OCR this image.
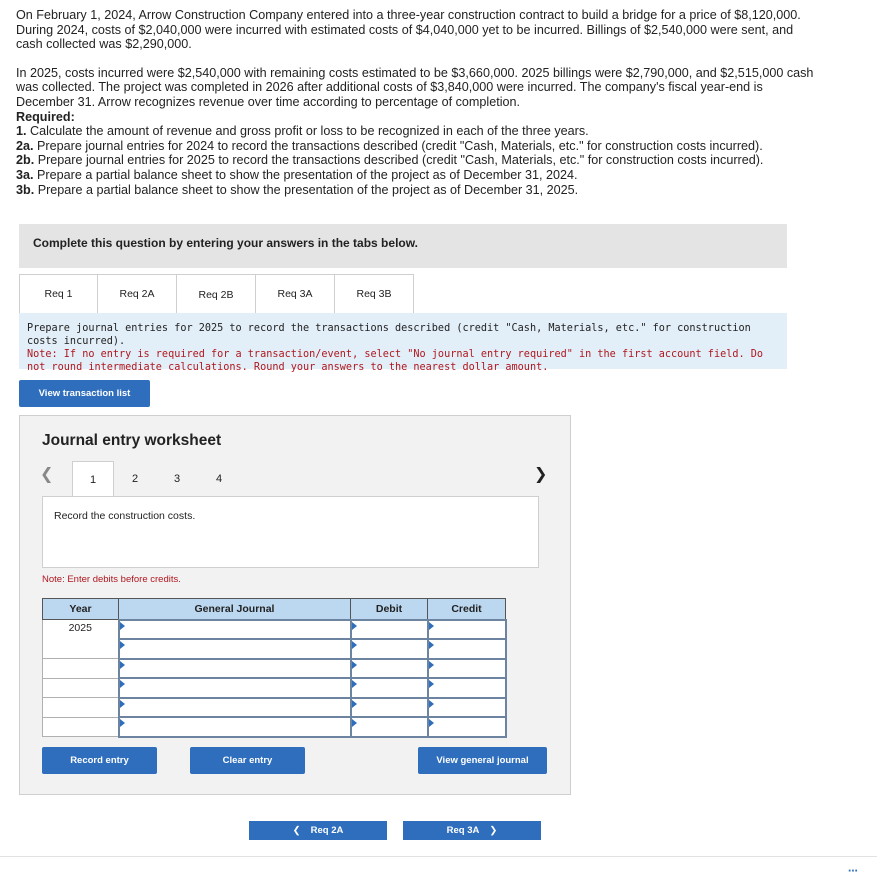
On February 1, 2024, Arrow Construction Company entered into a three-year construction contract to build a bridge for a price of $8,120,000. During 2024, costs of $2,040,000 were incurred with estimated costs of $4,040,000 yet to be incurred. Billings of $2,540,000 were sent, and cash collected was $2,290,000.

In 2025, costs incurred were $2,540,000 with remaining costs estimated to be $3,660,000. 2025 billings were $2,790,000, and $2,515,000 cash was collected. The project was completed in 2026 after additional costs of $3,840,000 were incurred. The company's fiscal year-end is December 31. Arrow recognizes revenue over time according to percentage of completion.

Required:

1. Calculate the amount of revenue and gross profit or loss to be recognized in each of the three years.

2a. Prepare journal entries for 2024 to record the transactions described (credit "Cash, Materials, etc." for construction costs incurred).

2b. Prepare journal entries for 2025 to record the transactions described (credit "Cash, Materials, etc." for construction costs incurred).

3a. Prepare a partial balance sheet to show the presentation of the project as of December 31, 2024.

3b. Prepare a partial balance sheet to show the presentation of the project as of December 31, 2025.

Complete this question by entering your answers in the tabs below.
Req 1	Req 2A	Req 2B	Req 3A	Req 3B
Prepare journal entries for 2025 to record the transactions described (credit "Cash, Materials, etc." for construction costs incurred).
Note: If no entry is required for a transaction/event, select "No journal entry required" in the first account field. Do not round intermediate calculations. Round your answers to the nearest dollar amount.
View transaction list
Journal entry worksheet
❮	1	2	3	4	❯
Record the construction costs.
Note: Enter debits before credits.
Year	General Journal	Debit	Credit
2025	

Record entry	Clear entry	View general journal
❮ Req 2A	Req 3A ❯
⋯
